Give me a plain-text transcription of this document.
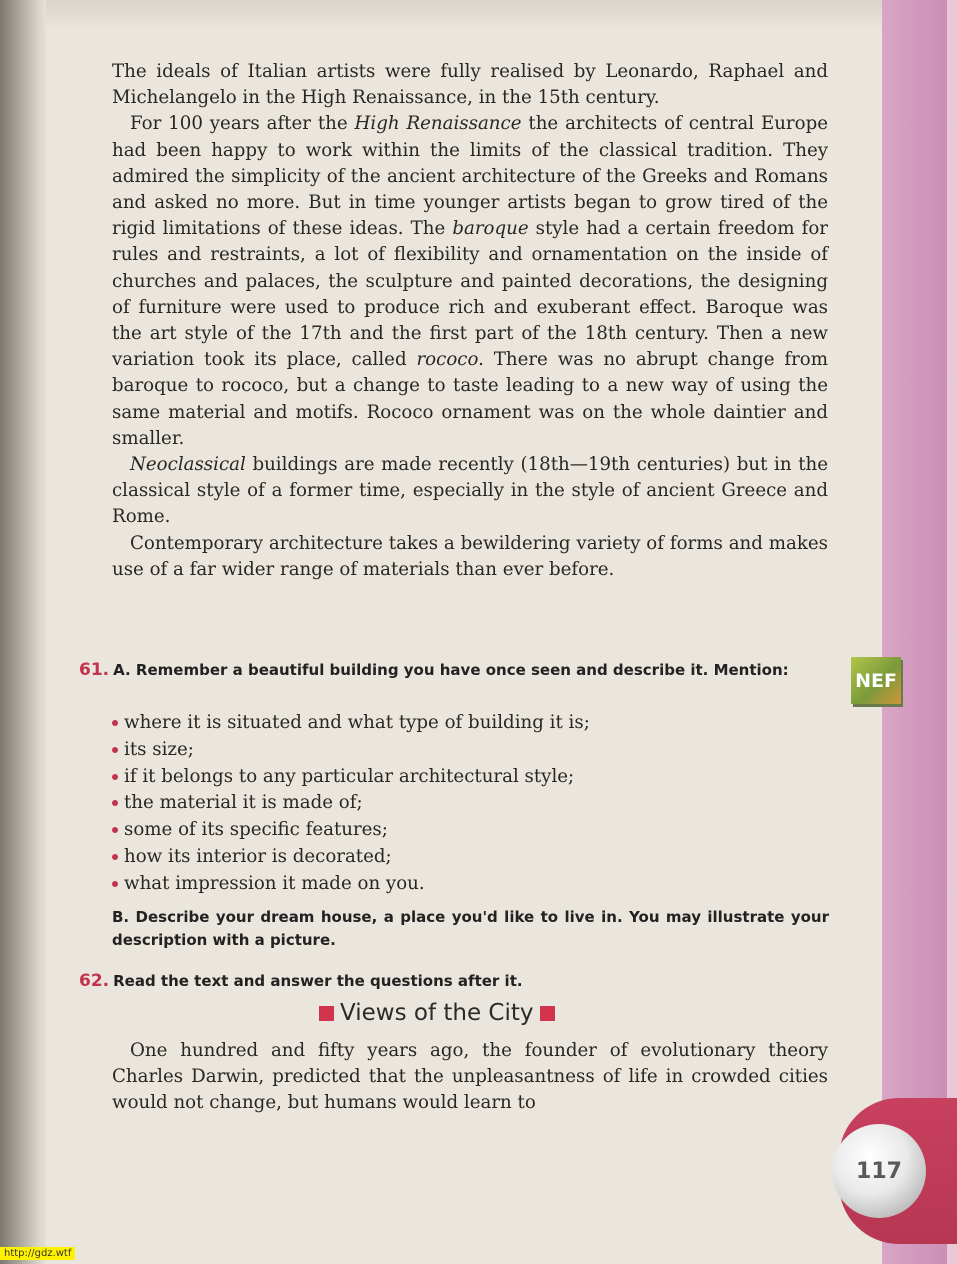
117
NEF

The ideals of Italian artists were fully realised by Leonardo, Raphael and Michelangelo in the High Renaissance, in the 15th century.

For 100 years after the High Renaissance the architects of central Europe had been happy to work within the limits of the classical tradition. They admired the simplicity of the ancient architecture of the Greeks and Romans and asked no more. But in time younger artists began to grow tired of the rigid limitations of these ideas. The baroque style had a certain freedom for rules and restraints, a lot of flexibility and ornamentation on the inside of churches and palaces, the sculpture and painted decorations, the designing of furniture were used to produce rich and exuberant effect. Baroque was the art style of the 17th and the first part of the 18th century. Then a new variation took its place, called rococo. There was no abrupt change from baroque to rococo, but a change to taste leading to a new way of using the same material and motifs. Rococo ornament was on the whole daintier and smaller.

Neoclassical buildings are made recently (18th—19th centuries) but in the classical style of a former time, especially in the style of ancient Greece and Rome.

Contemporary architecture takes a bewildering variety of forms and makes use of a far wider range of materials than ever before.

61. A. Remember a beautiful building you have once seen and describe it. Mention:
where it is situated and what type of building it is;
its size;
if it belongs to any particular architectural style;
the material it is made of;
some of its specific features;
how its interior is decorated;
what impression it made on you.
B. Describe your dream house, a place you'd like to live in. You may illustrate your description with a picture.
62. Read the text and answer the questions after it.
Views of the City

One hundred and fifty years ago, the founder of evolutionary theory Charles Darwin, predicted that the unpleasantness of life in crowded cities would not change, but humans would learn to

http://gdz.wtf
